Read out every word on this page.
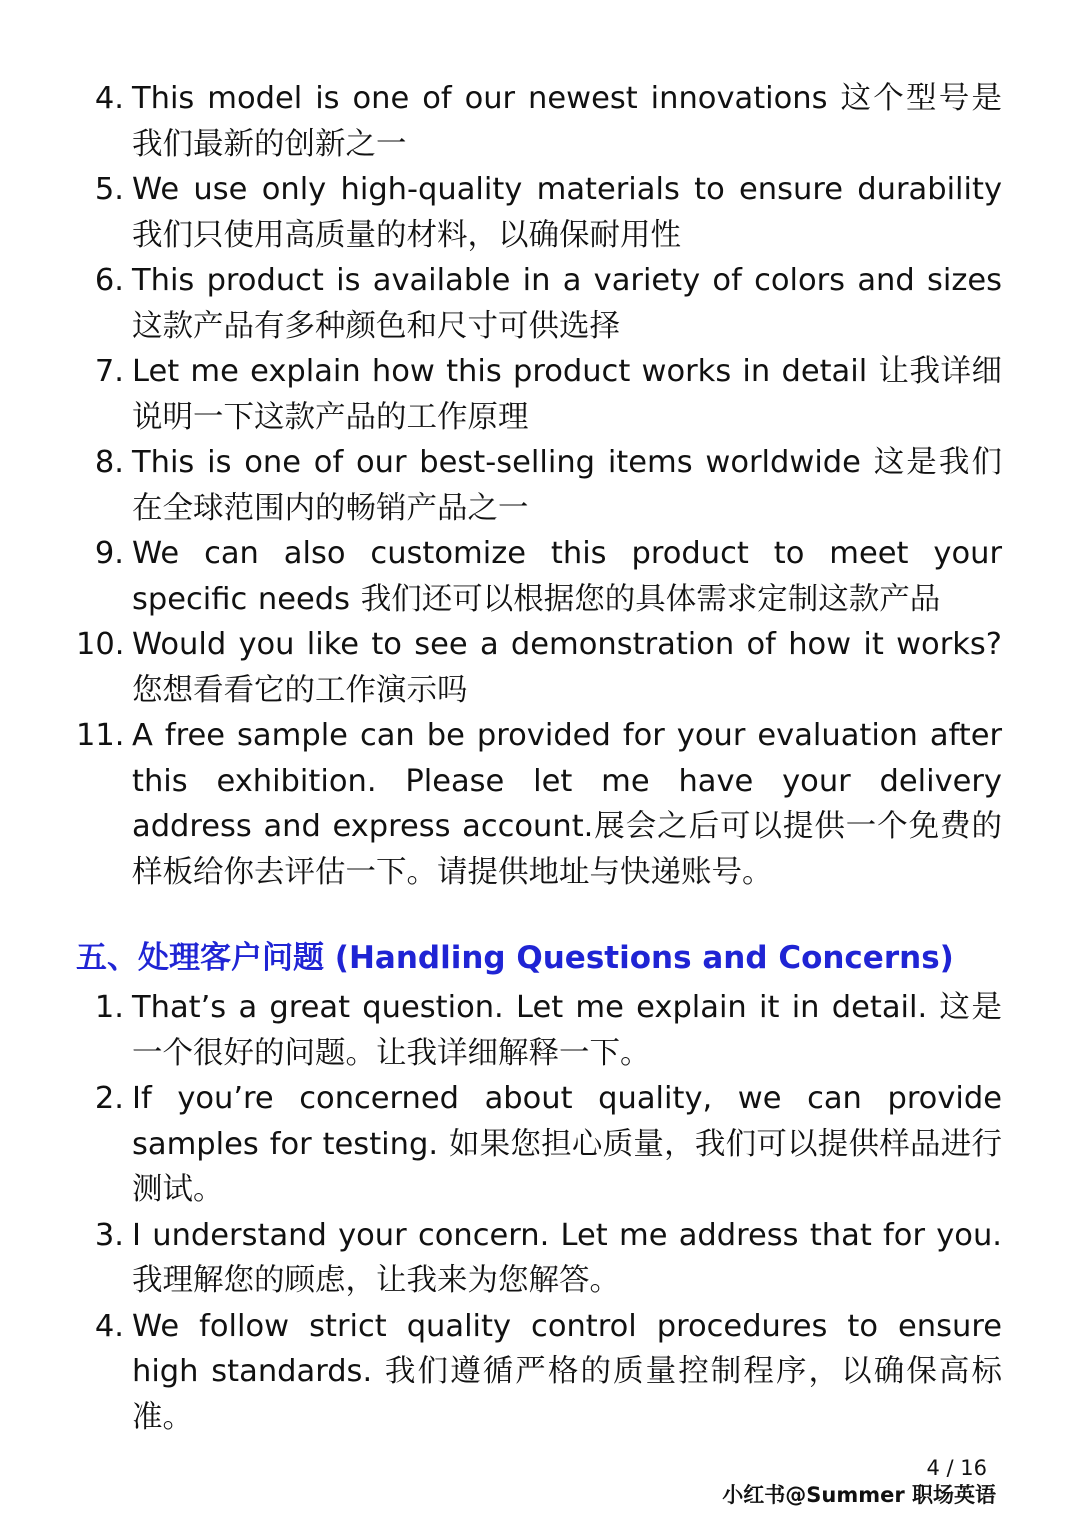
4. This model is one of our newest innovations 这个型号是我们最新的创新之一
5. We use only high-quality materials to ensure durability 我们只使用高质量的材料，以确保耐用性
6. This product is available in a variety of colors and sizes 这款产品有多种颜色和尺寸可供选择
7. Let me explain how this product works in detail 让我详细说明一下这款产品的工作原理
8. This is one of our best-selling items worldwide 这是我们在全球范围内的畅销产品之一
9. We can also customize this product to meet your specific needs 我们还可以根据您的具体需求定制这款产品
10. Would you like to see a demonstration of how it works? 您想看看它的工作演示吗
11. A free sample can be provided for your evaluation after this exhibition. Please let me have your delivery address and express account.展会之后可以提供一个免费的样板给你去评估一下。请提供地址与快递账号。
五、处理客户问题 (Handling Questions and Concerns)
1. That’s a great question. Let me explain it in detail. 这是一个很好的问题。让我详细解释一下。
2. If you’re concerned about quality, we can provide samples for testing. 如果您担心质量，我们可以提供样品进行测试。
3. I understand your concern. Let me address that for you. 我理解您的顾虑，让我来为您解答。
4. We follow strict quality control procedures to ensure high standards. 我们遵循严格的质量控制程序，以确保高标准。
4 / 16
小红书@Summer 职场英语
